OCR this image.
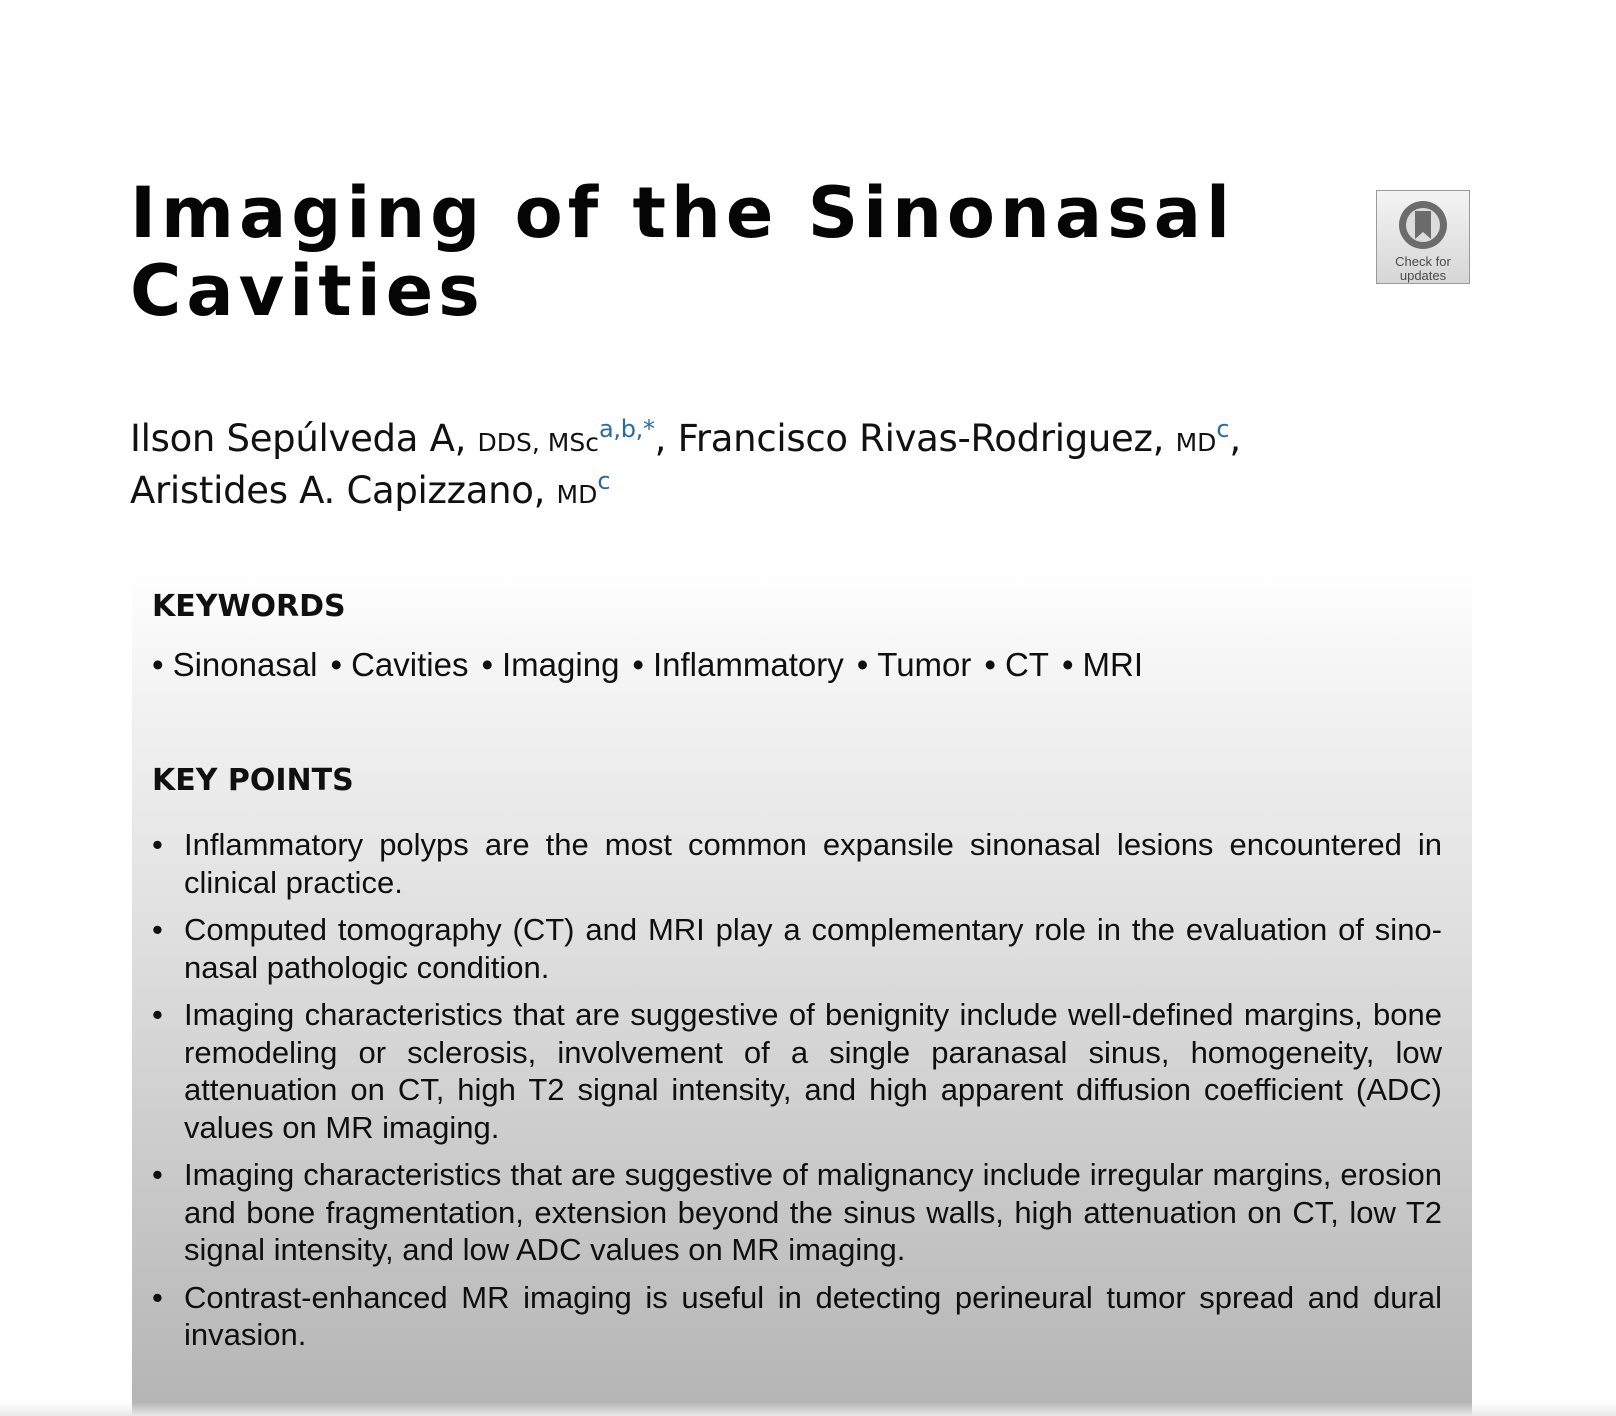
Imaging of the Sinonasal Cavities	Check for
updates
Ilson Sepúlveda A, DDS, MSc$^{a,b,*}$, Francisco Rivas-Rodriguez, $MD^c$,
Aristides A. Capizzano, $MD^c$
KEYWORDS
• Sinonasal	• Cavities	• Imaging	• Inflammatory	• Tumor	• CT	• MRI
KEY POINTS
• Inflammatory polyps are the most common expansile sinonasal lesions encountered in clinical practice.
• Computed tomography (CT) and MRI play a complementary role in the evaluation of sino-nasal pathologic condition.
• Imaging characteristics that are suggestive of benignity include well-defined margins, bone remodeling or sclerosis, involvement of a single paranasal sinus, homogeneity, low attenuation on CT, high T2 signal intensity, and high apparent diffusion coefficient (ADC) values on MR imaging.
• Imaging characteristics that are suggestive of malignancy include irregular margins, erosion and bone fragmentation, extension beyond the sinus walls, high attenuation on CT, low T2 signal intensity, and low ADC values on MR imaging.
• Contrast-enhanced MR imaging is useful in detecting perineural tumor spread and dural invasion.
